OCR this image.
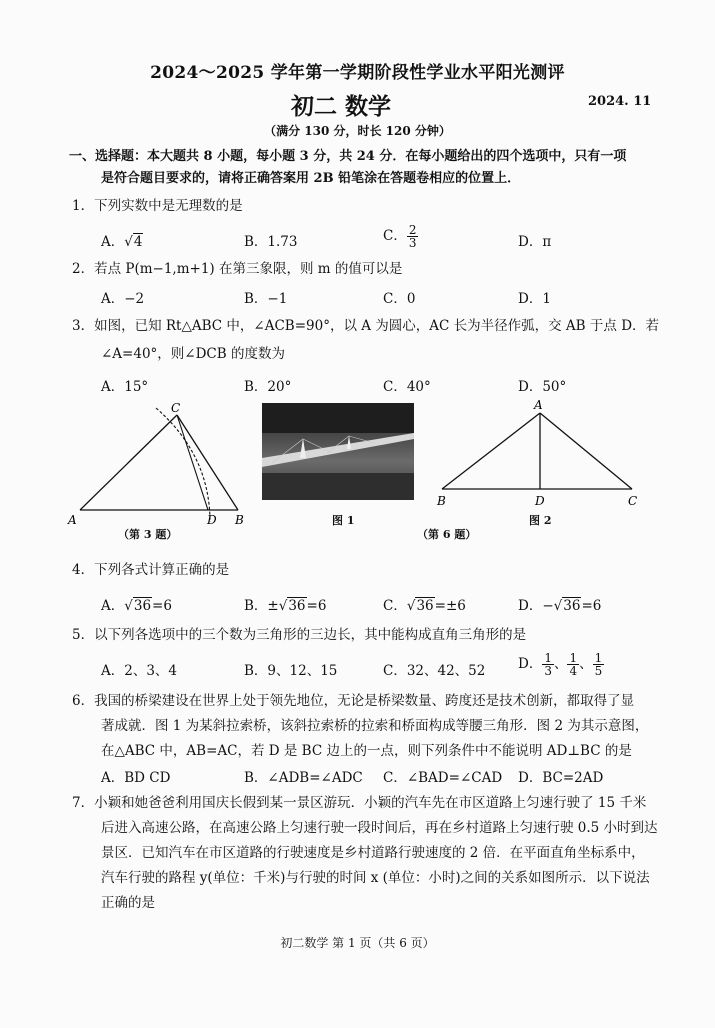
2024～2025 学年第一学期阶段性学业水平阳光测评
初二 数学	2024. 11
（满分 130 分，时长 120 分钟）
一、选择题：本大题共 8 小题，每小题 3 分，共 24 分．在每小题给出的四个选项中，只有一项
是符合题目要求的，请将正确答案用 2B 铅笔涂在答题卷相应的位置上．
1．下列实数中是无理数的是
A．√4	B．1.73	C． $\frac{2}{3}$	D．π
2．若点 P(m−1,m+1) 在第三象限，则 m 的值可以是
A．−2	B．−1	C．0	D．1
3．如图，已知 Rt△ABC 中，∠ACB=90°，以 A 为圆心，AC 长为半径作弧，交 AB 于点 D．若
∠A=40°，则∠DCB 的度数为
A．15°	B．20°	C．40°	D．50°
A
C
D B
（第 3 题）
图 1
A
B	D	C
（第 6 题）
图 2
4．下列各式计算正确的是
A．√36=6	B．±√36=6	C．√36=±6	D．−√36=6
5．以下列各选项中的三个数为三角形的三边长，其中能构成直角三角形的是
A．2、3、4	B．9、12、15	C．32、42、52 D． $\frac{1}{3}$ 、 $\frac{1}{4}$ 、 $\frac{1}{5}$
6．我国的桥梁建设在世界上处于领先地位，无论是桥梁数量、跨度还是技术创新，都取得了显
著成就．图 1 为某斜拉索桥，该斜拉索桥的拉索和桥面构成等腰三角形．图 2 为其示意图，
在△ABC 中，AB=AC，若 D 是 BC 边上的一点，则下列条件中不能说明 AD⊥BC 的是
A．BD CD	B．∠ADB=∠ADC C．∠BAD=∠CAD D．BC=2AD
7．小颖和她爸爸利用国庆长假到某一景区游玩．小颖的汽车先在市区道路上匀速行驶了 15 千米
后进入高速公路，在高速公路上匀速行驶一段时间后，再在乡村道路上匀速行驶 0.5 小时到达
景区．已知汽车在市区道路的行驶速度是乡村道路行驶速度的 2 倍．在平面直角坐标系中，
汽车行驶的路程 y(单位：千米)与行驶的时间 x (单位：小时)之间的关系如图所示．以下说法
正确的是
初二数学 第 1 页（共 6 页）
